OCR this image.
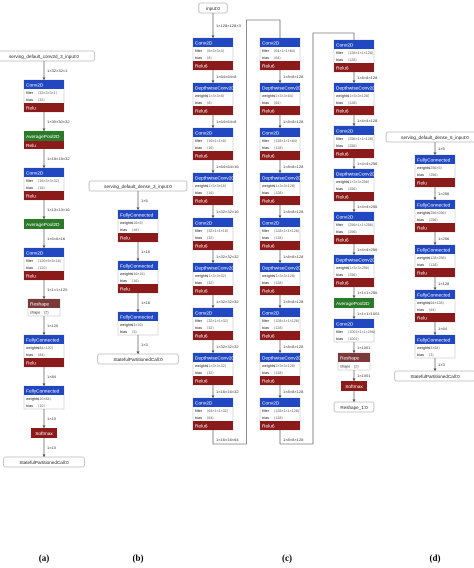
serving_default_conv2d_3_input:0
1×32×32×1
Conv2D
filter ⟨32×3×3×1⟩
bias ⟨32⟩
Relu
1×30×30×32
AveragePool2D
Relu
1×15×15×32
Conv2D
filter ⟨16×3×3×32⟩
bias ⟨16⟩
Relu
1×13×13×16
AveragePool2D
1×6×6×16
Conv2D
filter ⟨120×5×5×16⟩
bias ⟨120⟩
Relu
1×1×1×120
Reshape
shape {2}
1×120
FullyConnected
weights ⟨84×120⟩
bias ⟨84⟩
Relu
1×84
FullyConnected
weights ⟨10×84⟩
bias ⟨10⟩
1×10
Softmax
1×10
StatefulPartitionedCall:0
serving_default_dense_3_input:0
1×5
FullyConnected
weights ⟨16×5⟩
bias ⟨16⟩
Relu
1×16
FullyConnected
weights ⟨16×16⟩
bias ⟨16⟩
Relu
1×16
FullyConnected
weights ⟨3×16⟩
bias ⟨3⟩
1×3
StatefulPartitionedCall:0
serving_default_dense_6_input:0
1×5
FullyConnected
weights ⟨256×5⟩
bias ⟨256⟩
Relu
1×256
FullyConnected
weights ⟨256×256⟩
bias ⟨256⟩
Relu
1×256
FullyConnected
weights ⟨128×256⟩
bias ⟨128⟩
Relu
1×128
FullyConnected
weights ⟨64×128⟩
bias ⟨64⟩
Relu
1×64
FullyConnected
weights ⟨3×64⟩
bias ⟨3⟩
1×3
StatefulPartitionedCall:0
input:0
1×128×128×3
Conv2D
filter ⟨8×3×3×3⟩
bias ⟨8⟩
Relu6
1×64×64×8
DepthwiseConv2D
weights ⟨1×3×3×8⟩
bias ⟨8⟩
Relu6
1×64×64×8
Conv2D
filter ⟨16×1×1×8⟩
bias ⟨16⟩
Relu6
1×64×64×16
DepthwiseConv2D
weights ⟨1×3×3×16⟩
bias ⟨16⟩
Relu6
1×32×32×16
Conv2D
filter ⟨32×1×1×16⟩
bias ⟨32⟩
Relu6
1×32×32×32
DepthwiseConv2D
weights ⟨1×3×3×32⟩
bias ⟨32⟩
Relu6
1×32×32×32
Conv2D
filter ⟨32×1×1×32⟩
bias ⟨32⟩
Relu6
1×32×32×32
DepthwiseConv2D
weights ⟨1×3×3×32⟩
bias ⟨32⟩
Relu6
1×16×16×32
Conv2D
filter ⟨64×1×1×32⟩
bias ⟨64⟩
Relu6
1×16×16×64
Conv2D
filter ⟨64×1×1×64⟩
bias ⟨64⟩
Relu6
1×8×8×128
DepthwiseConv2D
weights ⟨1×3×3×64⟩
bias ⟨64⟩
Relu6
1×8×8×128
Conv2D
filter ⟨128×1×1×64⟩
bias ⟨128⟩
Relu6
1×8×8×128
DepthwiseConv2D
weights ⟨1×3×3×128⟩
bias ⟨128⟩
Relu6
1×8×8×128
Conv2D
filter ⟨128×1×1×128⟩
bias ⟨128⟩
Relu6
1×8×8×128
DepthwiseConv2D
weights ⟨1×3×3×128⟩
bias ⟨128⟩
Relu6
1×8×8×128
Conv2D
filter ⟨128×1×1×128⟩
bias ⟨128⟩
Relu6
1×8×8×128
DepthwiseConv2D
weights ⟨1×3×3×128⟩
bias ⟨128⟩
Relu6
1×8×8×128
Conv2D
filter ⟨128×1×1×128⟩
bias ⟨128⟩
Relu6
1×8×8×128
Conv2D
filter ⟨128×1×1×128⟩
bias ⟨128⟩
Relu6
1×8×8×128
DepthwiseConv2D
weights ⟨1×3×3×128⟩
bias ⟨128⟩
Relu6
1×4×4×128
Conv2D
filter ⟨256×1×1×128⟩
bias ⟨256⟩
Relu6
1×4×4×256
DepthwiseConv2D
weights ⟨1×3×3×256⟩
bias ⟨256⟩
Relu6
1×4×4×256
Conv2D
filter ⟨256×1×1×256⟩
bias ⟨256⟩
Relu6
1×4×4×256
DepthwiseConv2D
weights ⟨1×3×3×256⟩
bias ⟨256⟩
Relu6
1×1×1×256
AveragePool2D
1×1×1×1001
Conv2D
filter ⟨1001×1×1×256⟩
bias ⟨1001⟩
1×1001
Reshape
shape {2}
1×1001
Softmax
Reshape_1:0
(a)	(b)	(c)	(d)
